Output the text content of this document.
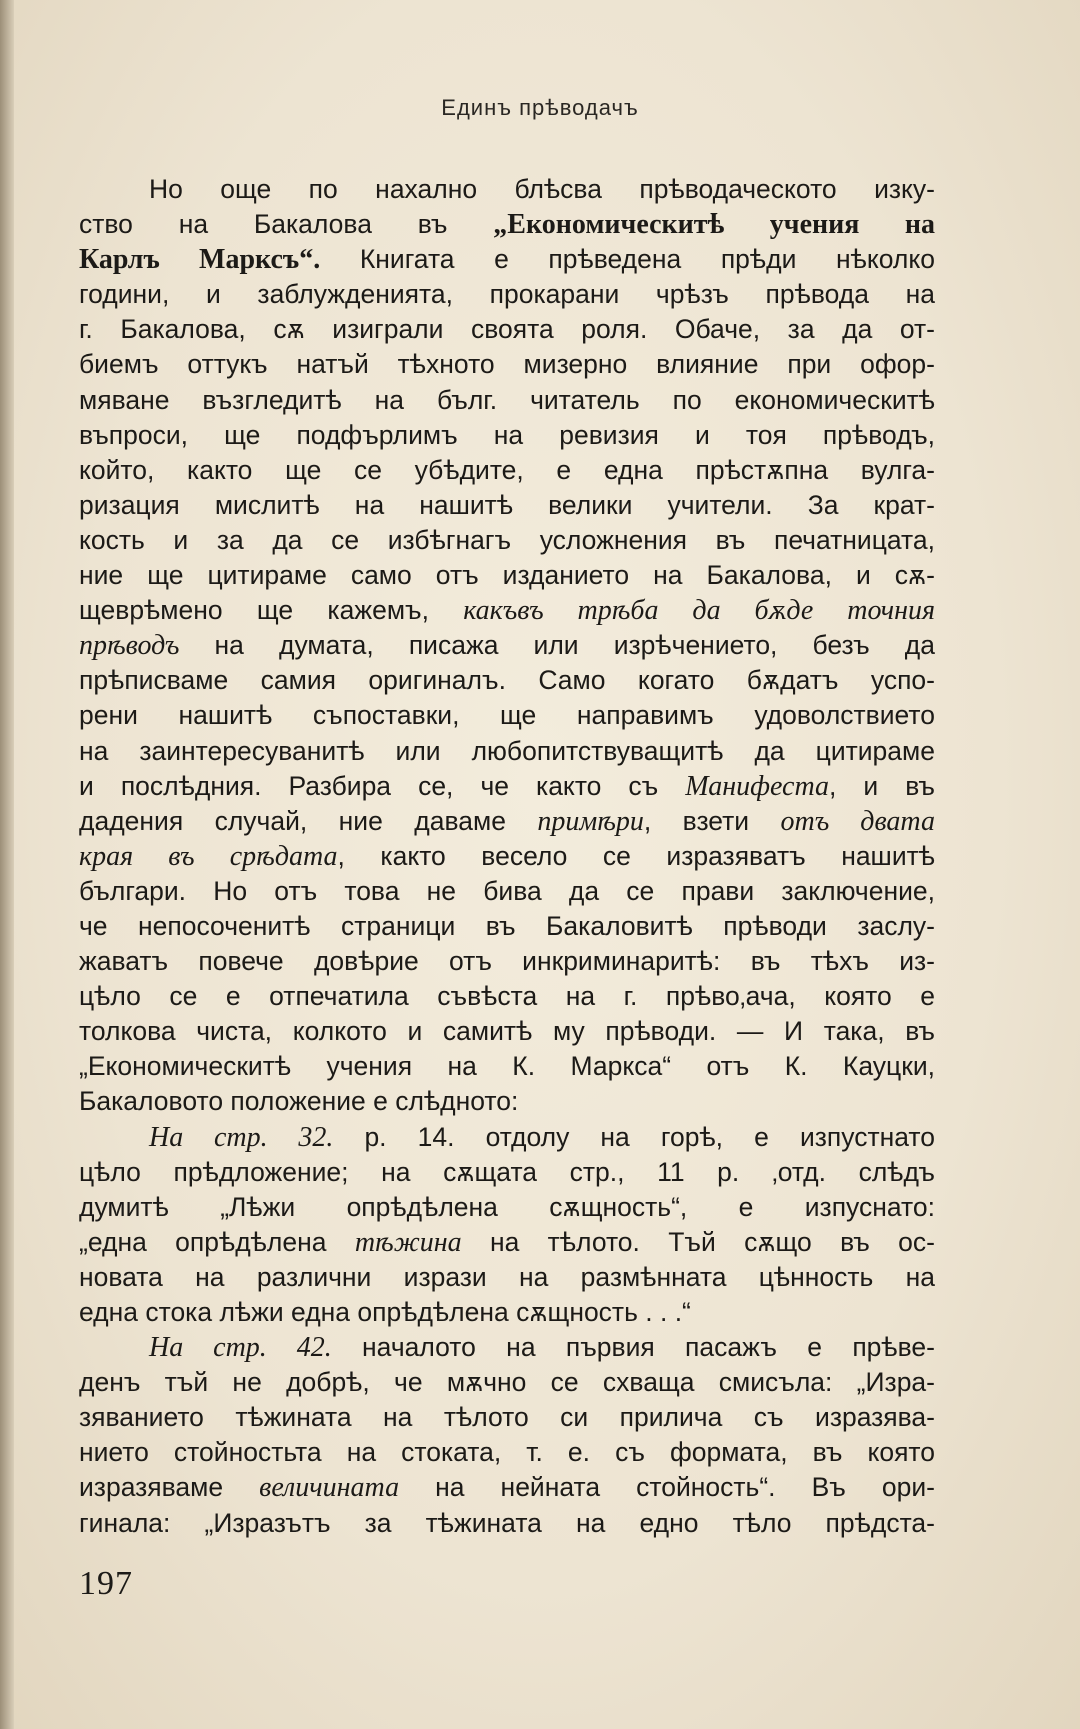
Единъ прѣводачъ
Но още по нахално блѣсва прѣводаческото изку-
ство на Бакалова въ „Економическитѣ учения на
Карлъ Марксъ“. Книгата е прѣведена прѣди нѣколко
години, и заблужденията, прокарани чрѣзъ прѣвода на
г. Бакалова, сѫ изиграли своята роля. Обаче, за да от-
биемъ оттукъ натъй тѣхното мизерно влияние при офор-
мяване възгледитѣ на бълг. читатель по економическитѣ
въпроси, ще подфърлимъ на ревизия и тоя прѣводъ,
който, както ще се убѣдите, е една прѣстѫпна вулга-
ризация мислитѣ на нашитѣ велики учители. За крат-
кость и за да се избѣгнагъ усложнения въ печатницата,
ние ще цитираме само отъ изданието на Бакалова, и сѫ-
щеврѣмено ще кажемъ, какъвъ трѣба да бѫде точния
прѣводъ на думата, писажа или изрѣчението, безъ да
прѣписваме самия оригиналъ. Само когато бѫдатъ успо-
рени нашитѣ съпоставки, ще направимъ удоволствието
на заинтересуванитѣ или любопитствуващитѣ да цитираме
и послѣдния. Разбира се, че както съ Манифеста, и въ
дадения случай, ние даваме примѣри, взети отъ двата
края въ срѣдата, както весело се изразяватъ нашитѣ
българи. Но отъ това не бива да се прави заключение,
че непосоченитѣ страници въ Бакаловитѣ прѣводи заслу-
жаватъ повече довѣрие отъ инкриминаритѣ: въ тѣхъ из-
цѣло се е отпечатила съвѣста на г. прѣво‚ача, която е
толкова чиста, колкото и самитѣ му прѣводи. — И така, въ
„Економическитѣ учения на К. Маркса“ отъ К. Кауцки,
Бакаловото положение е слѣдното:
На стр. 32. р. 14. отдолу на горѣ, е изпустнато
цѣло прѣдложение; на сѫщата стр., 11 р. ‚отд. слѣдъ
думитѣ „Лѣжи опрѣдѣлена сѫщность“, е изпуснато:
„една опрѣдѣлена тѣжина на тѣлото. Тъй сѫщо въ ос-
новата на различни изрази на размѣнната цѣнность на
една стока лѣжи една опрѣдѣлена сѫщность . . .“
На стр. 42. началото на първия пасажъ е прѣве-
денъ тъй не добрѣ, че мѫчно се схваща смисъла: „Изра-
зяванието тѣжината на тѣлото си прилича съ изразява-
нието стойностьта на стоката, т. е. съ формата, въ която
изразяваме величината на нейната стойность“. Въ ори-
гинала: „Изразътъ за тѣжината на едно тѣло прѣдста-
197
